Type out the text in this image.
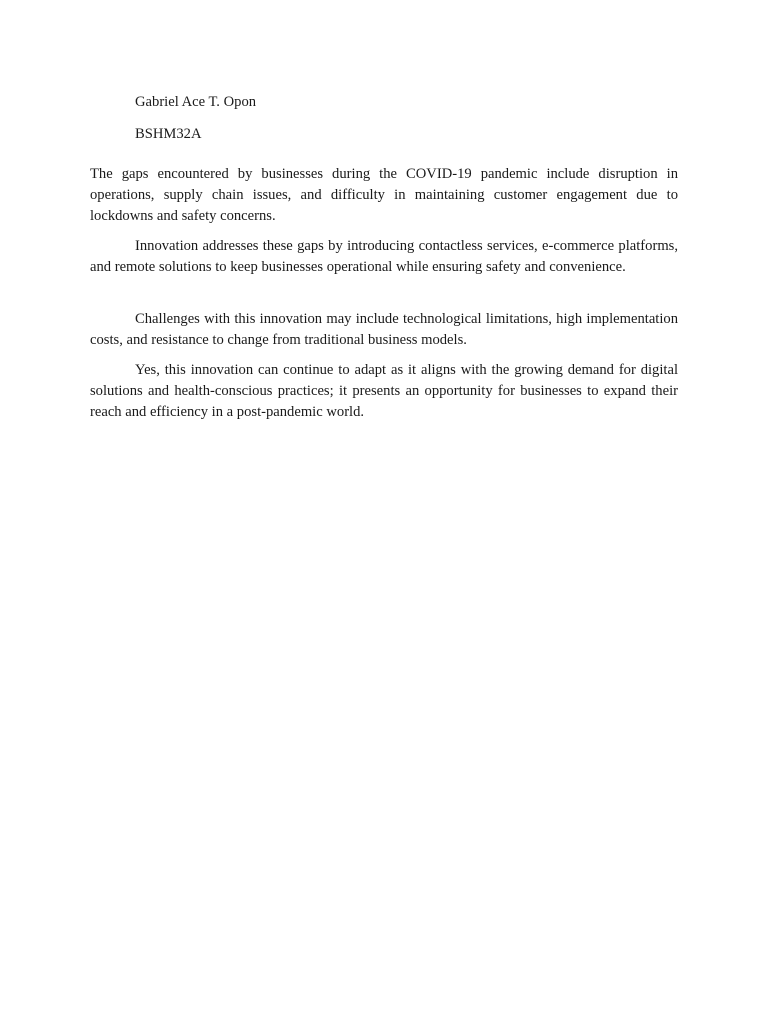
Gabriel Ace T. Opon
BSHM32A

The gaps encountered by businesses during the COVID-19 pandemic include disruption in operations, supply chain issues, and difficulty in maintaining customer engagement due to lockdowns and safety concerns.

Innovation addresses these gaps by introducing contactless services, e-commerce platforms, and remote solutions to keep businesses operational while ensuring safety and convenience.

Challenges with this innovation may include technological limitations, high implementation costs, and resistance to change from traditional business models.

Yes, this innovation can continue to adapt as it aligns with the growing demand for digital solutions and health-conscious practices; it presents an opportunity for businesses to expand their reach and efficiency in a post-pandemic world.
